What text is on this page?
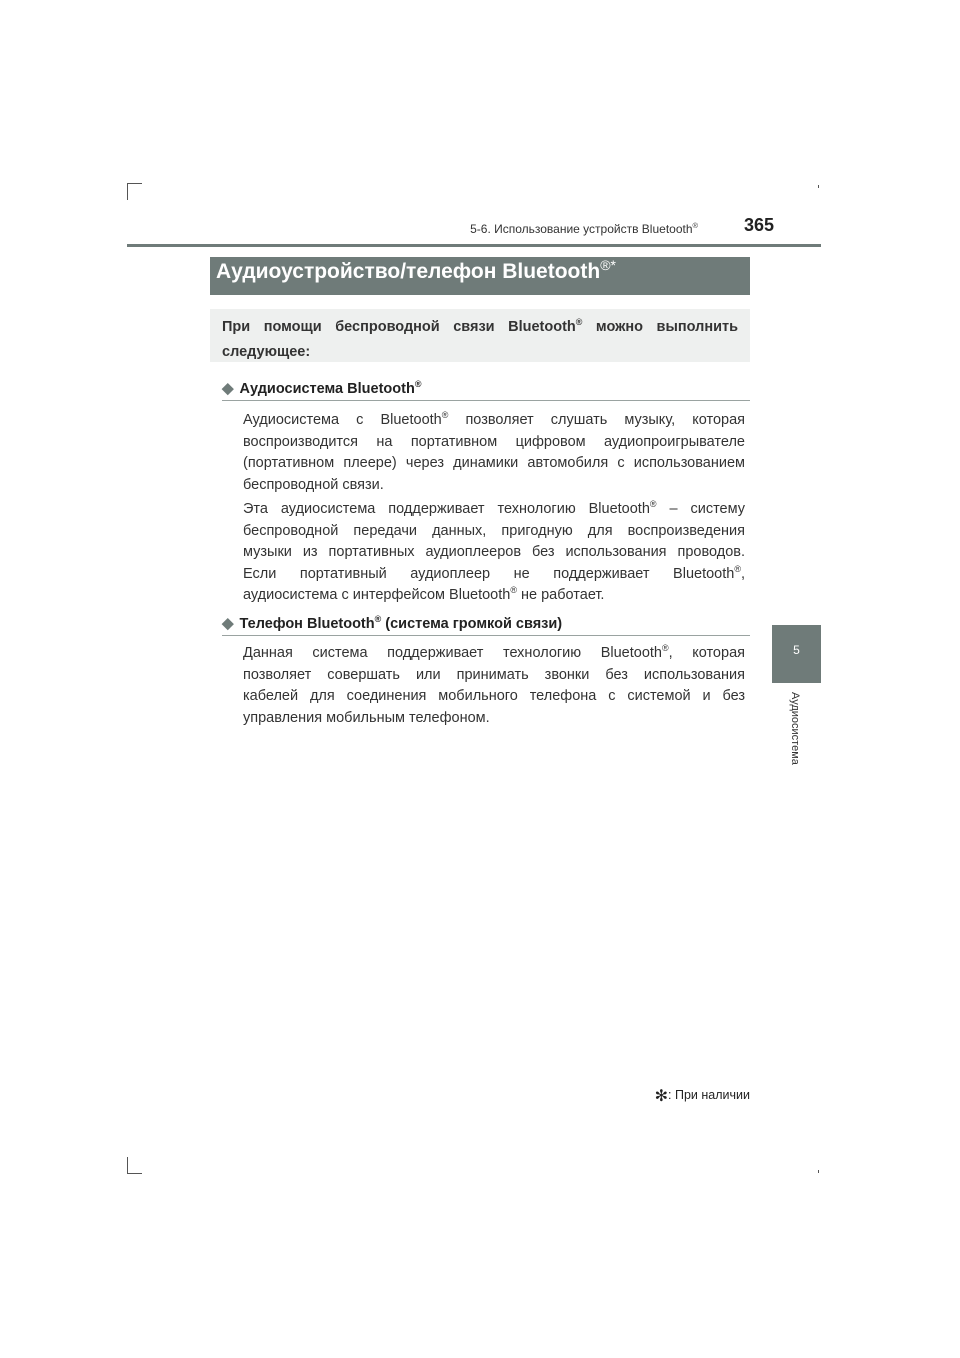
5-6. Использование устройств Bluetooth®	365
5
Аудиосистема
Аудиоустройство/телефон Bluetooth®*
При помощи беспроводной связи Bluetooth® можно выполнить
следующее:
◆ Аудиосистема Bluetooth®
Аудиосистема с Bluetooth® позволяет слушать музыку, которая
воспроизводится на портативном цифровом аудиопроигрывателе
(портативном плеере) через динамики автомобиля с использованием
беспроводной связи.
Эта аудиосистема поддерживает технологию Bluetooth® – систему
беспроводной передачи данных, пригодную для воспроизведения
музыки из портативных аудиоплееров без использования проводов.
Если портативный аудиоплеер не поддерживает Bluetooth®,
аудиосистема с интерфейсом Bluetooth® не работает.
◆ Телефон Bluetooth® (система громкой связи)
Данная система поддерживает технологию Bluetooth®, которая
позволяет совершать или принимать звонки без использования
кабелей для соединения мобильного телефона с системой и без
управления мобильным телефоном.
✻: При наличии
